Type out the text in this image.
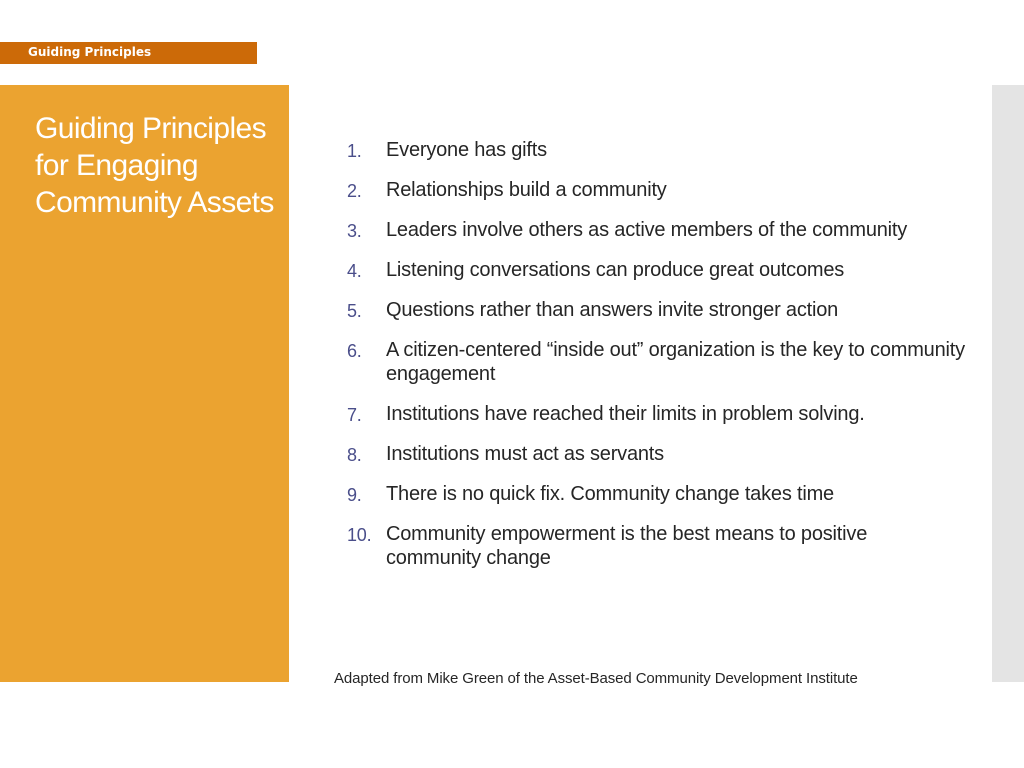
Guiding Principles
Guiding Principles for Engaging Community Assets
1. Everyone has gifts
2. Relationships build a community
3. Leaders involve others as active members of the community
4. Listening conversations can produce great outcomes
5. Questions rather than answers invite stronger action
6. A citizen-centered “inside out” organization is the key to community engagement
7. Institutions have reached their limits in problem solving.
8. Institutions must act as servants
9. There is no quick fix. Community change takes time
10. Community empowerment is the best means to positive community change
Adapted from Mike Green of the Asset-Based Community Development Institute
